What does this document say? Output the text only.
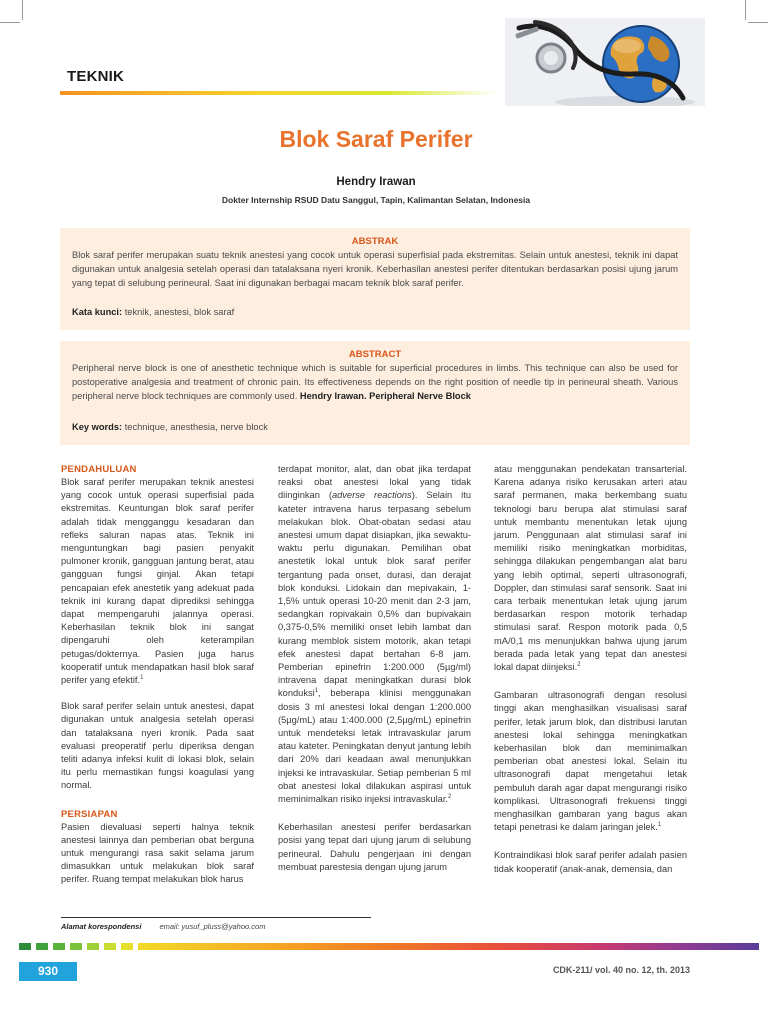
TEKNIK
Blok Saraf Perifer
Hendry Irawan
Dokter Internship RSUD Datu Sanggul, Tapin, Kalimantan Selatan, Indonesia
ABSTRAK
Blok saraf perifer merupakan suatu teknik anestesi yang cocok untuk operasi superfisial pada ekstremitas. Selain untuk anestesi, teknik ini dapat digunakan untuk analgesia setelah operasi dan tatalaksana nyeri kronik. Keberhasilan anestesi perifer ditentukan berdasarkan posisi ujung jarum yang tepat di selubung perineural. Saat ini digunakan berbagai macam teknik blok saraf perifer.
Kata kunci: teknik, anestesi, blok saraf
ABSTRACT
Peripheral nerve block is one of anesthetic technique which is suitable for superficial procedures in limbs. This technique can also be used for postoperative analgesia and treatment of chronic pain. Its effectiveness depends on the right position of needle tip in perineural sheath. Various peripheral nerve block techniques are commonly used. Hendry Irawan. Peripheral Nerve Block
Key words: technique, anesthesia, nerve block
PENDAHULUAN

Blok saraf perifer merupakan teknik anestesi yang cocok untuk operasi superfisial pada ekstremitas. Keuntungan blok saraf perifer adalah tidak mengganggu kesadaran dan refleks saluran napas atas. Teknik ini menguntungkan bagi pasien penyakit pulmoner kronik, gangguan jantung berat, atau gangguan fungsi ginjal. Akan tetapi pencapaian efek anestetik yang adekuat pada teknik ini kurang dapat diprediksi sehingga dapat mempengaruhi jalannya operasi. Keberhasilan teknik blok ini sangat dipengaruhi oleh keterampilan petugas/dokternya. Pasien juga harus kooperatif untuk mendapatkan hasil blok saraf perifer yang efektif.$^1$

Blok saraf perifer selain untuk anestesi, dapat digunakan untuk analgesia setelah operasi dan tatalaksana nyeri kronik. Pada saat evaluasi preoperatif perlu diperiksa dengan teliti adanya infeksi kulit di lokasi blok, selain itu perlu memastikan fungsi koagulasi yang normal.

PERSIAPAN

Pasien dievaluasi seperti halnya teknik anestesi lainnya dan pemberian obat berguna untuk mengurangi rasa sakit selama jarum dimasukkan untuk melakukan blok saraf perifer. Ruang tempat melakukan blok harus

terdapat monitor, alat, dan obat jika terdapat reaksi obat anestesi lokal yang tidak diinginkan (adverse reactions). Selain itu kateter intravena harus terpasang sebelum melakukan blok. Obat-obatan sedasi atau anestesi umum dapat disiapkan, jika sewaktu-waktu perlu digunakan. Pemilihan obat anestetik lokal untuk blok saraf perifer tergantung pada onset, durasi, dan derajat blok konduksi. Lidokain dan mepivakain, 1-1,5% untuk operasi 10-20 menit dan 2-3 jam, sedangkan ropivakain 0,5% dan bupivakain 0,375-0,5% memiliki onset lebih lambat dan kurang memblok sistem motorik, akan tetapi efek anestesi dapat bertahan 6-8 jam. Pemberian epinefrin 1:200.000 (5µg/ml) intravena dapat meningkatkan durasi blok konduksi$^1$, beberapa klinisi menggunakan dosis 3 ml anestesi lokal dengan 1:200.000 (5µg/mL) atau 1:400.000 (2,5µg/mL) epinefrin untuk mendeteksi letak intravaskular jarum atau kateter. Peningkatan denyut jantung lebih dari 20% dari keadaan awal menunjukkan injeksi ke intravaskular. Setiap pemberian 5 ml obat anestesi lokal dilakukan aspirasi untuk meminimalkan risiko injeksi intravaskular.$^2$

Keberhasilan anestesi perifer berdasarkan posisi yang tepat dari ujung jarum di selubung perineural. Dahulu pengerjaan ini dengan membuat parestesia dengan ujung jarum

atau menggunakan pendekatan transarterial. Karena adanya risiko kerusakan arteri atau saraf permanen, maka berkembang suatu teknologi baru berupa alat stimulasi saraf untuk membantu menentukan letak ujung jarum. Penggunaan alat stimulasi saraf ini memiliki risiko meningkatkan morbiditas, sehingga dilakukan pengembangan alat baru yang lebih optimal, seperti ultrasonografi, Doppler, dan stimulasi saraf sensorik. Saat ini cara terbaik menentukan letak ujung jarum berdasarkan respon motorik terhadap stimulasi saraf. Respon motorik pada 0,5 mA/0,1 ms menunjukkan bahwa ujung jarum berada pada letak yang tepat dan anestesi lokal dapat diinjeksi.$^2$

Gambaran ultrasonografi dengan resolusi tinggi akan menghasilkan visualisasi saraf perifer, letak jarum blok, dan distribusi larutan anestesi lokal sehingga meningkatkan keberhasilan blok dan meminimalkan pemberian obat anestesi lokal. Selain itu ultrasonografi dapat mengetahui letak pembuluh darah agar dapat mengurangi risiko komplikasi. Ultrasonografi frekuensi tinggi menghasilkan gambaran yang bagus akan tetapi penetrasi ke dalam jaringan jelek.$^1$

Kontraindikasi blok saraf perifer adalah pasien tidak kooperatif (anak-anak, demensia, dan

Alamat korespondensi email: yusuf_pluss@yahoo.com
930	CDK-211/ vol. 40 no. 12, th. 2013
